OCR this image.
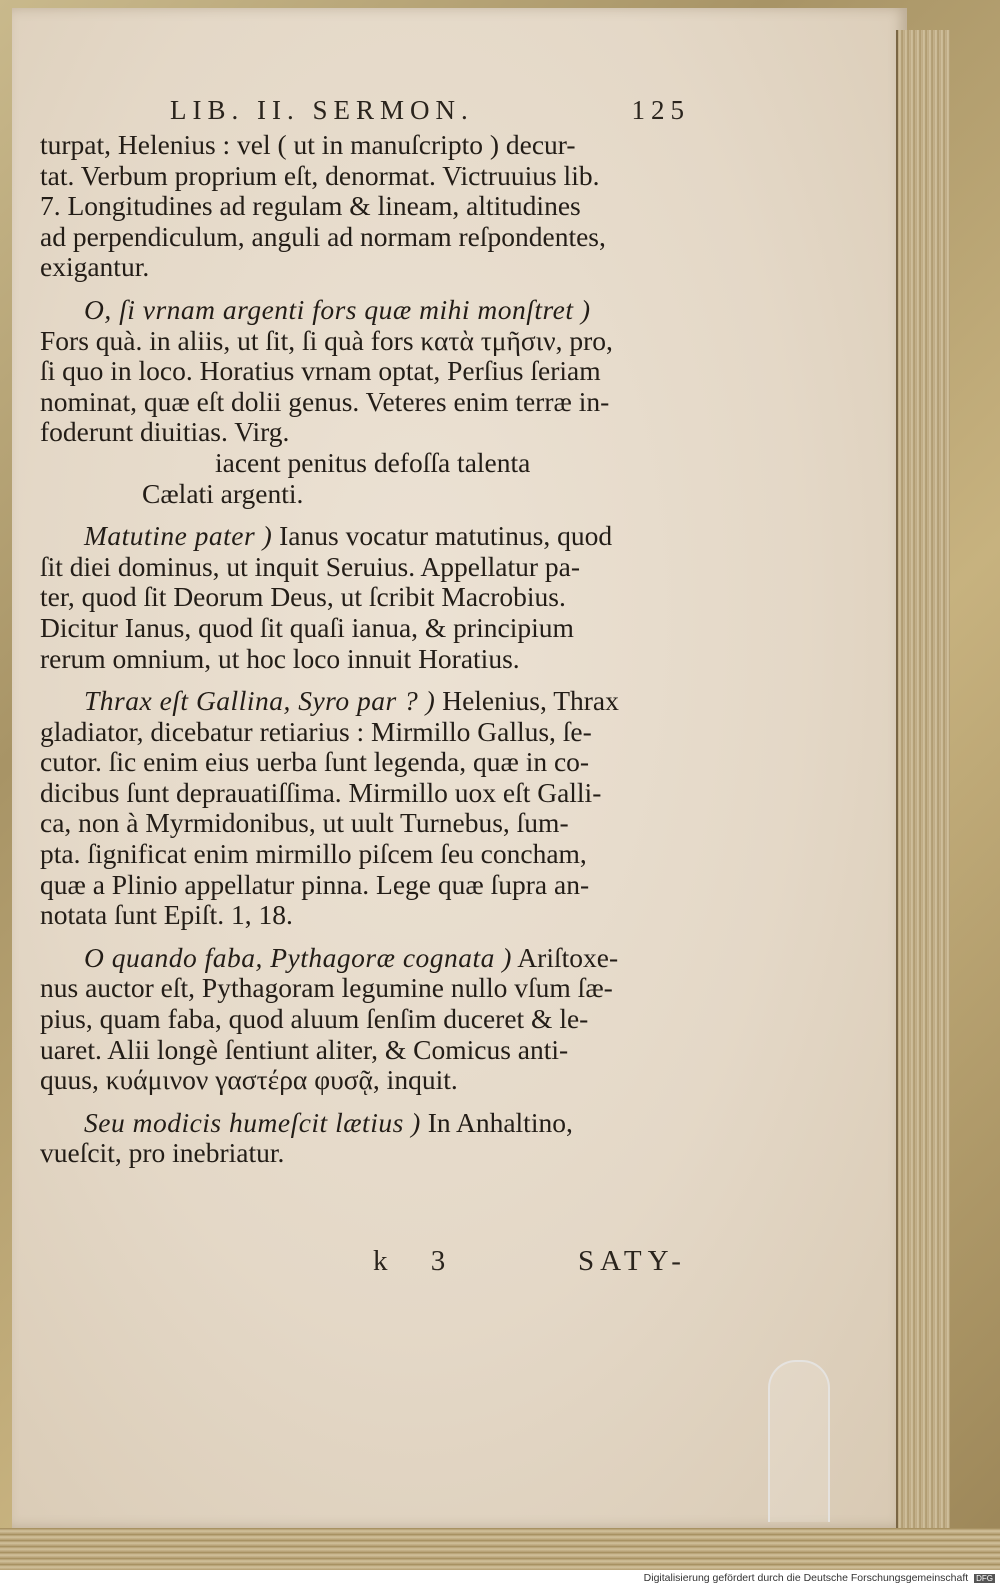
LIB. II. SERMON.	125
turpat, Helenius : vel ( ut in manuſcripto ) decur-
tat. Verbum proprium eſt, denormat. Victruuius lib.
7. Longitudines ad regulam & lineam, altitudines
ad perpendiculum, anguli ad normam reſpondentes,
exigantur.
O, ſi vrnam argenti fors quæ mihi monſtret )
Fors quà. in aliis, ut ſit, ſi quà fors κατὰ τμῆσιν, pro,
ſi quo in loco. Horatius vrnam optat, Perſius ſeriam
nominat, quæ eſt dolii genus. Veteres enim terræ in-
foderunt diuitias. Virg.
iacent penitus defoſſa talenta
Cælati argenti.
Matutine pater ) Ianus vocatur matutinus, quod
ſit diei dominus, ut inquit Seruius. Appellatur pa-
ter, quod ſit Deorum Deus, ut ſcribit Macrobius.
Dicitur Ianus, quod ſit quaſi ianua, & principium
rerum omnium, ut hoc loco innuit Horatius.
Thrax eſt Gallina, Syro par ? ) Helenius, Thrax
gladiator, dicebatur retiarius : Mirmillo Gallus, ſe-
cutor. ſic enim eius uerba ſunt legenda, quæ in co-
dicibus ſunt deprauatiſſima. Mirmillo uox eſt Galli-
ca, non à Myrmidonibus, ut uult Turnebus, ſum-
pta. ſignificat enim mirmillo piſcem ſeu concham,
quæ a Plinio appellatur pinna. Lege quæ ſupra an-
notata ſunt Epiſt. 1, 18.
O quando faba, Pythagoræ cognata ) Ariſtoxe-
nus auctor eſt, Pythagoram legumine nullo vſum ſæ-
pius, quam faba, quod aluum ſenſim duceret & le-
uaret. Alii longè ſentiunt aliter, & Comicus anti-
quus, κυάμινον γαστέρα φυσᾷ, inquit.
Seu modicis humeſcit lætius ) In Anhaltino,
vueſcit, pro inebriatur.
k 3	SATY-
Digitalisierung gefördert durch die Deutsche Forschungsgemeinschaft DFG
